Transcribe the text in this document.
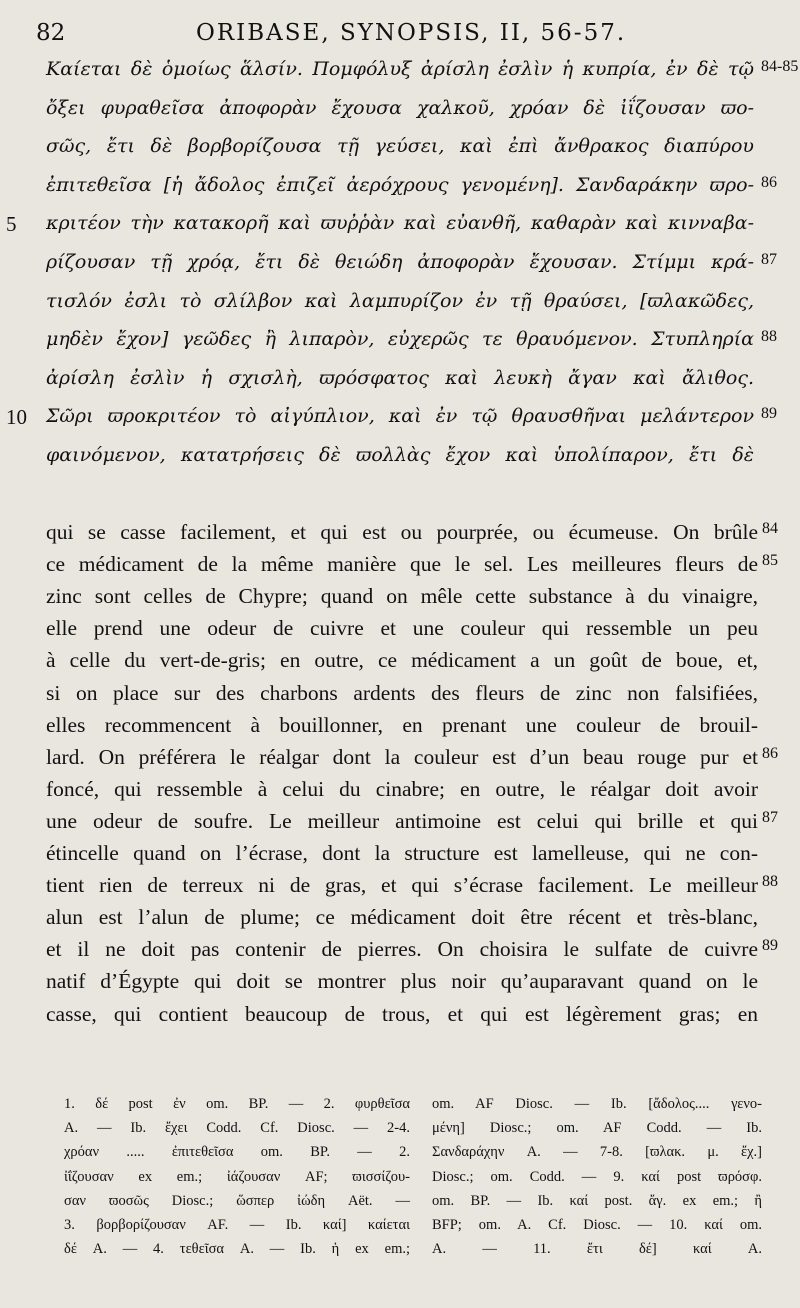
82	ORIBASE, SYNOPSIS, II, 56-57.
Καίεται δὲ ὁμοίως ἅλσίν. Πομφόλυξ ἀρίσλη ἐσλὶν ἡ κυπρία, ἐν δὲ τῷ 84-85
ὄξει φυραθεῖσα ἀποφορὰν ἔχουσα χαλκοῦ, χρόαν δὲ ἰΐζουσαν ϖο-
σῶς, ἔτι δὲ βορβορίζουσα τῇ γεύσει, καὶ ἐπὶ ἄνθρακος διαπύρου
ἐπιτεθεῖσα [ἡ ἄδολος ἐπιζεῖ ἀερόχρους γενομένη]. Σανδαράκην ϖρο- 86
5 κριτέον τὴν κατακορῆ καὶ ϖυῤῥὰν καὶ εὐανθῆ, καθαρὰν καὶ κινναβα-
ρίζουσαν τῇ χρόᾳ, ἔτι δὲ θειώδη ἀποφορὰν ἔχουσαν. Στίμμι κρά- 87
τισλόν ἐσλι τὸ σλίλβον καὶ λαμπυρίζον ἐν τῇ θραύσει, [ϖλακῶδες,
μηδὲν ἔχον] γεῶδες ἢ λιπαρὸν, εὐχερῶς τε θραυόμενον. Στυπληρία 88
ἀρίσλη ἐσλὶν ἡ σχισλὴ, ϖρόσφατος καὶ λευκὴ ἄγαν καὶ ἄλιθος.
10 Σῶρι ϖροκριτέον τὸ αἰγύπλιον, καὶ ἐν τῷ θραυσθῆναι μελάντερον 89
φαινόμενον, κατατρήσεις δὲ ϖολλὰς ἔχον καὶ ὑπολίπαρον, ἔτι δὲ
qui se casse facilement, et qui est ou pourprée, ou écumeuse. On brûle 84
ce médicament de la même manière que le sel. Les meilleures fleurs de 85
zinc sont celles de Chypre; quand on mêle cette substance à du vinaigre,
elle prend une odeur de cuivre et une couleur qui ressemble un peu
à celle du vert-de-gris; en outre, ce médicament a un goût de boue, et,
si on place sur des charbons ardents des fleurs de zinc non falsifiées,
elles recommencent à bouillonner, en prenant une couleur de brouil-
lard. On préférera le réalgar dont la couleur est d’un beau rouge pur et 86
foncé, qui ressemble à celui du cinabre; en outre, le réalgar doit avoir
une odeur de soufre. Le meilleur antimoine est celui qui brille et qui 87
étincelle quand on l’écrase, dont la structure est lamelleuse, qui ne con-
tient rien de terreux ni de gras, et qui s’écrase facilement. Le meilleur 88
alun est l’alun de plume; ce médicament doit être récent et très-blanc,
et il ne doit pas contenir de pierres. On choisira le sulfate de cuivre 89
natif d’Égypte qui doit se montrer plus noir qu’auparavant quand on le
casse, qui contient beaucoup de trous, et qui est légèrement gras; en
1. δέ post ἐν om. BP. — 2. φυρθεῖσα
A. — Ib. ἔχει Codd. Cf. Diosc. — 2-4.
χρόαν ..... ἐπιτεθεῖσα om. BP. — 2.
ἰΐζουσαν ex em.; ἰάζουσαν AF; ϖισσίζου-
σαν ϖοσῶς Diosc.; ὥσπερ ἰώδη Aët. —
3. βορβορίζουσαν AF. — Ib. καί] καίεται
δέ A. — 4. τεθεῖσα A. — Ib. ἡ ex em.;
om. AF Diosc. — Ib. [ἄδολος.... γενο-
μένη] Diosc.; om. AF Codd. — Ib.
Σανδαράχην A. — 7-8. [ϖλακ. μ. ἔχ.]
Diosc.; om. Codd. — 9. καί post ϖρόσφ.
om. BP. — Ib. καί post. ἄγ. ex em.; ἢ
BFP; om. A. Cf. Diosc. — 10. καί om.
A. — 11. ἔτι δέ] καί A.
